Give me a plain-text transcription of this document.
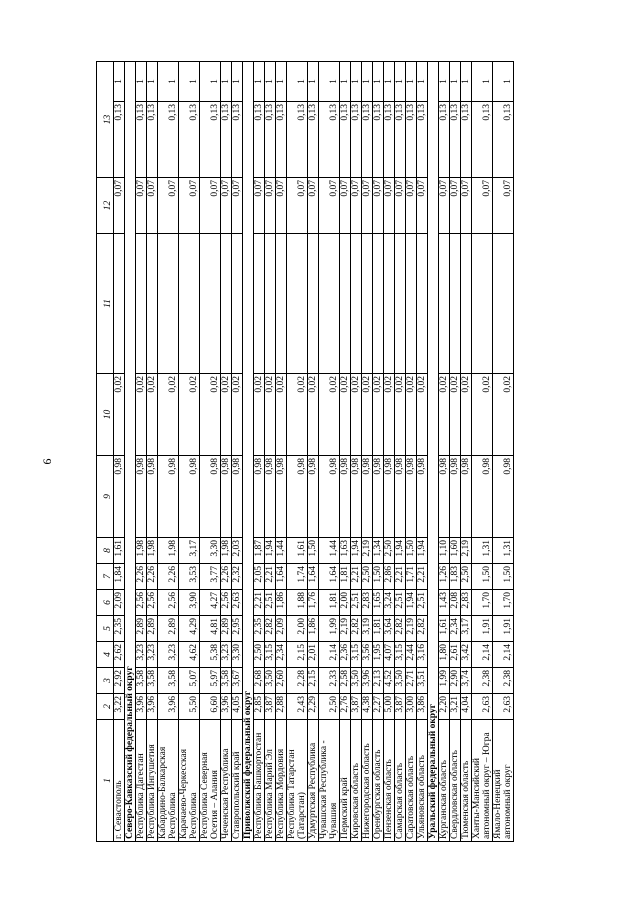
9
1	2	3	4	5	6	7	8	9	10	11	12	13	
г. Севастополь	3,22	2,92	2,62	2,35	2,09	1,84	1,61	0,98	0,02		0,07	0,13	1
Северо-Кавказский федеральный округ													
Республика Дагестан	3,96	3,58	3,23	2,89	2,56	2,26	1,98	0,98	0,02		0,07	0,13	1
Республика Ингушетия	3,96	3,58	3,23	2,89	2,56	2,26	1,98	0,98	0,02		0,07	0,13	1
Кабардино-Балкарская Республика	3,96	3,58	3,23	2,89	2,56	2,26	1,98	0,98	0,02		0,07	0,13	1
Карачаево-Черкесская Республика	5,50	5,07	4,62	4,29	3,90	3,53	3,17	0,98	0,02		0,07	0,13	1
Республика Северная Осетия – Алания	6,60	5,97	5,38	4,81	4,27	3,77	3,30	0,98	0,02		0,07	0,13	1
Чеченская Республика	3,96	3,58	3,23	2,89	2,56	2,26	1,98	0,98	0,02		0,07	0,13	1
Ставропольский край	4,05	3,67	3,30	2,95	2,63	2,32	2,03	0,98	0,02		0,07	0,13	1
Приволжский федеральный округ													
Республика Башкортостан	2,85	2,68	2,50	2,35	2,21	2,05	1,87	0,98	0,02		0,07	0,13	1
Республика Марий Эл	3,87	3,50	3,15	2,82	2,51	2,21	1,94	0,98	0,02		0,07	0,13	1
Республика Мордовия	2,88	2,60	2,34	2,09	1,86	1,64	1,44	0,98	0,02		0,07	0,13	1
Республика Татарстан (Татарстан)	2,43	2,28	2,15	2,00	1,88	1,74	1,61	0,98	0,02		0,07	0,13	1
Удмуртская Республика	2,29	2,15	2,01	1,86	1,76	1,64	1,50	0,98	0,02		0,07	0,13	1
Чувашская Республика - Чувашия	2,50	2,33	2,14	1,99	1,81	1,64	1,44	0,98	0,02		0,07	0,13	1
Пермский край	2,76	2,58	2,36	2,19	2,00	1,81	1,63	0,98	0,02		0,07	0,13	1
Кировская область	3,87	3,50	3,15	2,82	2,51	2,21	1,94	0,98	0,02		0,07	0,13	1
Нижегородская область	4,38	3,96	3,56	3,19	2,83	2,50	2,19	0,98	0,02		0,07	0,13	1
Оренбургская область	2,27	2,13	1,95	1,81	1,65	1,50	1,34	0,98	0,02		0,07	0,13	1
Пензенская область	5,00	4,52	4,07	3,64	3,24	2,86	2,50	0,98	0,02		0,07	0,13	1
Самарская область	3,87	3,50	3,15	2,82	2,51	2,21	1,94	0,98	0,02		0,07	0,13	1
Саратовская область	3,00	2,71	2,44	2,19	1,94	1,71	1,50	0,98	0,02		0,07	0,13	1
Ульяновская область	3,86	3,51	3,16	2,82	2,51	2,21	1,94	0,98	0,02		0,07	0,13	1
Уральский федеральный округ													
Курганская область	2,20	1,99	1,80	1,61	1,43	1,26	1,10	0,98	0,02		0,07	0,13	1
Свердловская область	3,21	2,90	2,61	2,34	2,08	1,83	1,60	0,98	0,02		0,07	0,13	1
Тюменская область	4,04	3,74	3,42	3,17	2,83	2,50	2,19	0,98	0,02		0,07	0,13	1
Ханты-Мансийский автономный округ – Югра	2,63	2,38	2,14	1,91	1,70	1,50	1,31	0,98	0,02		0,07	0,13	1
Ямало-Ненецкий автономный округ	2,63	2,38	2,14	1,91	1,70	1,50	1,31	0,98	0,02		0,07	0,13	1
